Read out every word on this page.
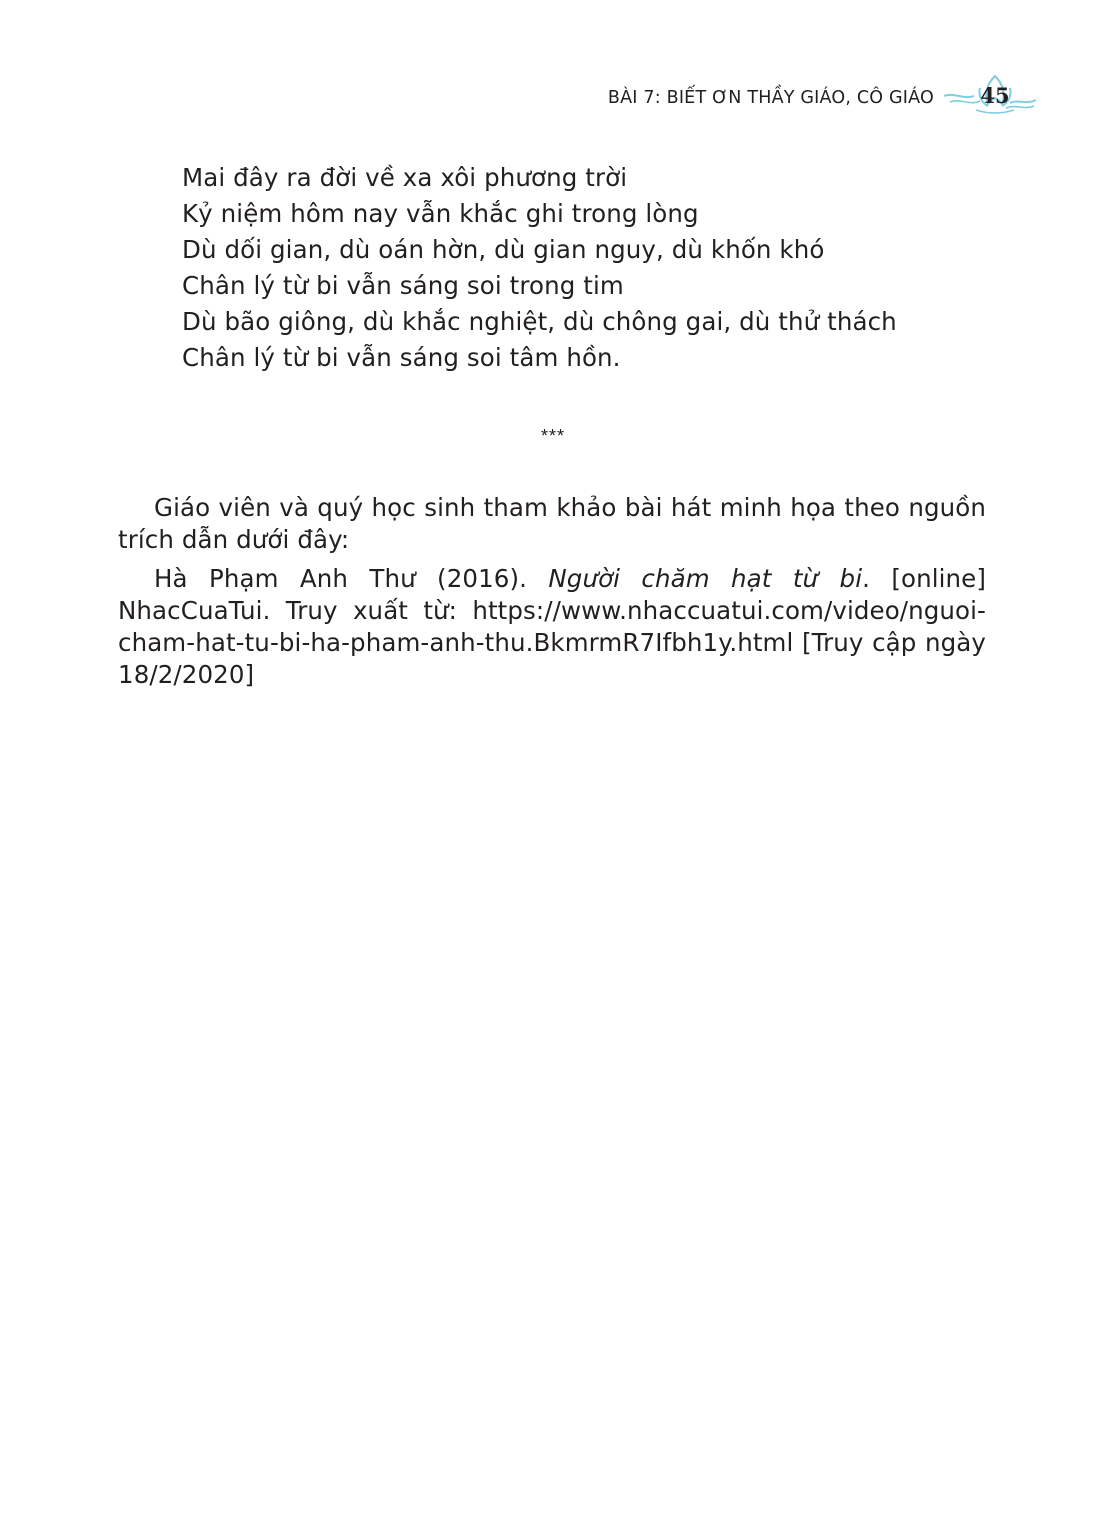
BÀI 7: BIẾT ƠN THẦY GIÁO, CÔ GIÁO 45
Mai đây ra đời về xa xôi phương trời
Kỷ niệm hôm nay vẫn khắc ghi trong lòng
Dù dối gian, dù oán hờn, dù gian nguy, dù khốn khó
Chân lý từ bi vẫn sáng soi trong tim
Dù bão giông, dù khắc nghiệt, dù chông gai, dù thử thách
Chân lý từ bi vẫn sáng soi tâm hồn.
***

Giáo viên và quý học sinh tham khảo bài hát minh họa theo nguồn trích dẫn dưới đây:

Hà Phạm Anh Thư (2016). Người chăm hạt từ bi. [online] NhacCuaTui. Truy xuất từ: https://www.nhaccuatui.com/video/nguoi-cham-hat-tu-bi-ha-pham-anh-thu.BkmrmR7Ifbh1y.html [Truy cập ngày 18/2/2020]
